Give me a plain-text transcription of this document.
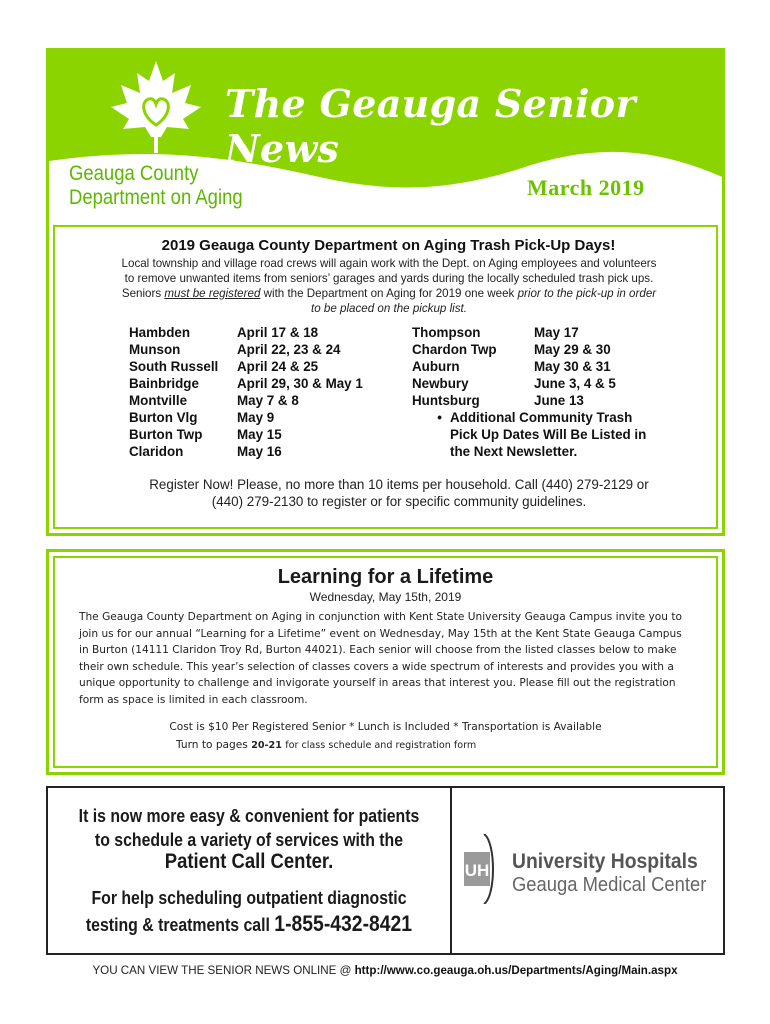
The Geauga Senior News
Geauga County
Department on Aging	March 2019
2019 Geauga County Department on Aging Trash Pick-Up Days!
Local township and village road crews will again work with the Dept. on Aging employees and volunteers to remove unwanted items from seniors’ garages and yards during the locally scheduled trash pick ups. Seniors must be registered with the Department on Aging for 2019 one week prior to the pick-up in order to be placed on the pickup list.
Hambden	April 17 & 18
Munson	April 22, 23 & 24
South Russell	April 24 & 25
Bainbridge	April 29, 30 & May 1
Montville	May 7 & 8
Burton Vlg	May 9
Burton Twp	May 15
Claridon	May 16
Thompson	May 17
Chardon Twp	May 29 & 30
Auburn	May 30 & 31
Newbury	June 3, 4 & 5
Huntsburg	June 13
• Additional Community Trash Pick Up Dates Will Be Listed in the Next Newsletter.
Register Now! Please, no more than 10 items per household. Call (440) 279-2129 or (440) 279-2130 to register or for specific community guidelines.
Learning for a Lifetime
Wednesday, May 15th, 2019
The Geauga County Department on Aging in conjunction with Kent State University Geauga Campus invite you to join us for our annual “Learning for a Lifetime” event on Wednesday, May 15th at the Kent State Geauga Campus in Burton (14111 Claridon Troy Rd, Burton 44021). Each senior will choose from the listed classes below to make their own schedule. This year’s selection of classes covers a wide spectrum of interests and provides you with a unique opportunity to challenge and invigorate yourself in areas that interest you. Please fill out the registration form as space is limited in each classroom.
Cost is $10 Per Registered Senior * Lunch is Included * Transportation is Available
Turn to pages 20-21 for class schedule and registration form
It is now more easy & convenient for patients to schedule a variety of services with the
Patient Call Center.
For help scheduling outpatient diagnostic testing & treatments call 1-855-432-8421
UH University Hospitals
Geauga Medical Center
YOU CAN VIEW THE SENIOR NEWS ONLINE @ http://www.co.geauga.oh.us/Departments/Aging/Main.aspx
